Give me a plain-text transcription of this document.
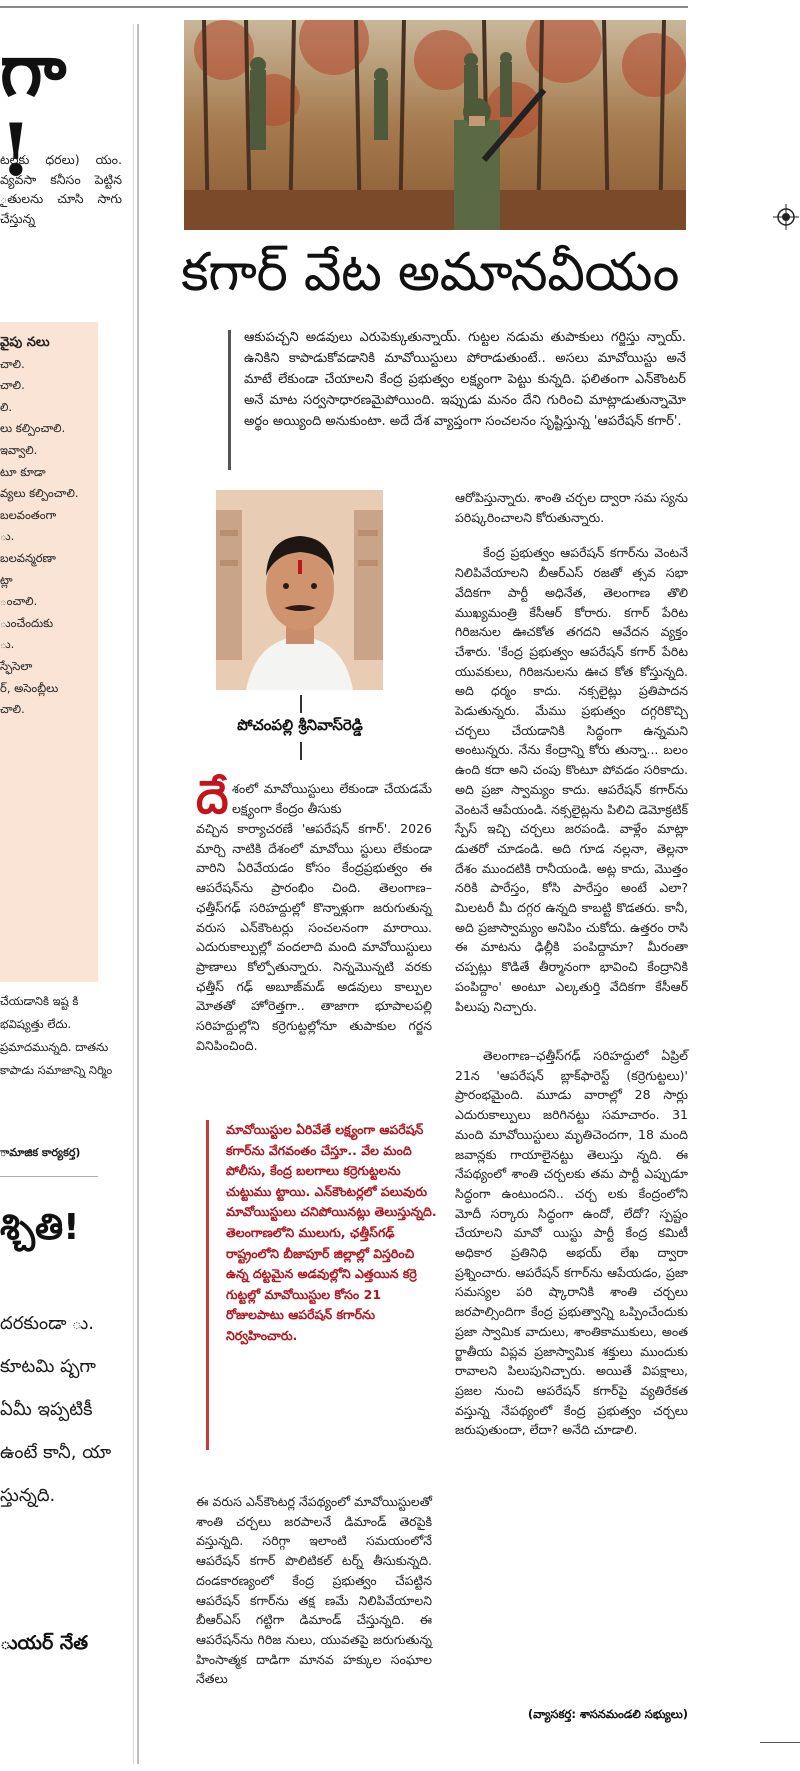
గా !
టలకు ధరలు) యం. వ్యవసా కనీసం పెట్టిన ౖతులను చూసి సాగు చేస్తున్న
వైపు నలు
చాలి.
చాలి.
లి.
లు కల్పించాలి.
ఇవ్వాలి.
టూ కూడా
వ్యలు కల్పించాలి.
బలవంతంగా
ు.
బలవన్మరణా
ట్లా
ంచాలి.
ుంచేందుకు
ు.
స్ఫేసెలా
ర్, అసెంబ్లీలు
చాలి.
చేయడానికి ఇష్ట కి భవిష్యత్తు లేదు. ప్రమాదమున్నది. దాతను కాపాడు సమాజాన్ని నిర్మిం
ామాజిక కార్యకర్త)
శ్చితి!
దరకుండా ు. కూటమి ష్పగా ఏమీ ఇప్పటికీ ఉంటే కానీ, యా స్తున్నది.
ుయర్ నేత
కగార్ వేట అమానవీయం
ఆకుపచ్చని అడవులు ఎరుపెక్కుతున్నాయ్. గుట్టల నడుమ తుపాకులు గర్జిస్తు న్నాయ్. ఉనికిని కాపాడుకోవడానికి మావోయిస్టులు పోరాడుతుంటే.. అసలు మావోయిస్టు అనే మాటే లేకుండా చేయాలని కేంద్ర ప్రభుత్వం లక్ష్యంగా పెట్టు కున్నది. ఫలితంగా ఎన్‌కౌంటర్ అనే మాట సర్వసాధారణమైపోయింది. ఇప్పుడు మనం దేని గురించి మాట్లాడుతున్నామో అర్థం అయ్యింది అనుకుంటా. అదే దేశ వ్యాప్తంగా సంచలనం సృష్టిస్తున్న 'ఆపరేషన్ కగార్'.
పోచంపల్లి శ్రీనివాస్‌రెడ్డి
దే శంలో మావోయిస్టులు లేకుండా చేయడమే లక్ష్యంగా కేంద్రం తీసుకు
వచ్చిన కార్యాచరణే 'ఆపరేషన్ కగార్'. 2026 మార్చి నాటికి దేశంలో మావోయి స్టులు లేకుండా వారిని ఏరివేయడం కోసం కేంద్రప్రభుత్వం ఈ ఆపరేషన్‌ను ప్రారంభిం చింది. తెలంగాణ– ఛత్తీస్‌గఢ్ సరిహద్దుల్లో కొన్నాళ్లుగా జరుగుతున్న వరుస ఎన్‌కౌంటర్లు సంచలనంగా మారాయి. ఎదురుకాల్పుల్లో వందలాది మంది మావోయిస్టులు ప్రాణాలు కోల్పోతున్నారు. నిన్నమొన్నటి వరకు ఛత్తీస్ గఢ్ అబూజ్‌మడ్ అడవులు కాల్పుల మోతతో హోరెత్తగా.. తాజాగా భూపాలపల్లి సరిహద్దుల్లోని కర్రెగుట్టల్లోనూ తుపాకుల గర్జన వినిపించింది.
మావోయిస్టుల ఏరివేతే లక్ష్యంగా ఆపరేషన్ కగార్‌ను వేగవంతం చేస్తూ.. వేల మంది పోలీసు, కేంద్ర బలగాలు కర్రెగుట్టలను చుట్టుము ట్టాయి. ఎన్‌కౌంటర్లలో పలువురు మావోయిస్టులు చనిపోయినట్లు తెలుస్తున్నది. తెలంగాణలోని ములుగు, ఛత్తీస్‌గఢ్ రాష్ట్రంలోని బీజాపూర్ జిల్లాల్లో విస్తరించి ఉన్న దట్టమైన అడవుల్లోని ఎత్తయిన కర్రె గుట్టల్లో మావోయిస్టుల కోసం 21 రోజులపాటు ఆపరేషన్ కగార్‌ను నిర్వహించారు.
ఈ వరుస ఎన్‌కౌంటర్ల నేపథ్యంలో మావోయిస్టులతో శాంతి చర్చలు జరపాలనే డిమాండ్ తెరపైకి వస్తున్నది. సరిగ్గా ఇలాంటి సమయంలోనే ఆపరేషన్ కగార్ పొలిటికల్ టర్న్ తీసుకున్నది. దండకారణ్యంలో కేంద్ర ప్రభుత్వం చేపట్టిన ఆపరేషన్ కగార్‌ను తక్ష ణమే నిలిపివేయాలని బీఆర్‌ఎస్ గట్టిగా డిమాండ్ చేస్తున్నది. ఈ ఆపరేషన్‌ను గిరిజ నులు, యువతపై జరుగుతున్న హింసాత్మక దాడిగా మానవ హక్కుల సంఘాల నేతలు
ఆరోపిస్తున్నారు. శాంతి చర్చల ద్వారా సమ స్యను పరిష్కరించాలని కోరుతున్నారు.
కేంద్ర ప్రభుత్వం ఆపరేషన్ కగార్‌ను వెంటనే నిలిపివేయాలని బీఆర్‌ఎస్ రజతో త్సవ సభా వేదికగా పార్టీ అధినేత, తెలంగాణ తొలి ముఖ్యమంత్రి కేసీఆర్ కోరారు. కగార్ పేరిట గిరిజనుల ఊచకోత తగదని ఆవేదన వ్యక్తం చేశారు. 'కేంద్ర ప్రభుత్వం ఆపరేషన్ కగార్ పేరిట యువకులు, గిరిజనులను ఊచ కోత కోస్తున్నది. అది ధర్మం కాదు. నక్సలైట్లు ప్రతిపాదన పెడుతున్నరు. మేము ప్రభుత్వం దగ్గరికొచ్చి చర్చలు చేయడానికి సిద్ధంగా ఉన్నమని అంటున్నరు. నేను కేంద్రాన్ని కోరు తున్నా... బలం ఉంది కదా అని చంపు కొంటూ పోవడం సరికాదు. అది ప్రజా స్వామ్యం కాదు. ఆపరేషన్ కగార్‌ను వెంటనే ఆపేయండి. నక్సలైట్లను పిలిచి డెమోక్రటిక్ స్పేస్ ఇచ్చి చర్చలు జరపండి. వాళ్లేం మాట్లా డుతరో చూడండి. అది గూడ నల్లనా, తెల్లనా దేశం ముందటికి రానీయండి. అట్ల కాదు, మొత్తం నరికి పారేస్తం, కోసి పారేస్తం అంటే ఎలా? మిలటరీ మీ దగ్గర ఉన్నది కాబట్టి కొడతరు. కానీ, అది ప్రజాస్వామ్యం అనిపిం చుకోదు. ఉత్తరం రాసి ఈ మాటను ఢిల్లీకి పంపిద్దామా? మీరంతా చప్పట్లు కొడితే తీర్మానంగా భావించి కేంద్రానికి పంపిద్దాం' అంటూ ఎల్కతుర్తి వేదికగా కేసీఆర్ పిలుపు నిచ్చారు.
తెలంగాణ–ఛత్తీస్‌గఢ్ సరిహద్దులో ఏప్రిల్ 21న 'ఆపరేషన్ బ్లాక్‌ఫారెస్ట్ (కర్రెగుట్టలు)' ప్రారంభమైంది. మూడు వారాల్లో 28 సార్లు ఎదురుకాల్పులు జరిగినట్టు సమాచారం. 31 మంది మావోయిస్టులు మృతిచెందగా, 18 మంది జవాన్లకు గాయాలైనట్టు తెలుస్తు న్నది. ఈ నేపథ్యంలో శాంతి చర్చలకు తమ పార్టీ ఎప్పుడూ సిద్ధంగా ఉంటుందని.. చర్చ లకు కేంద్రంలోని మోదీ సర్కారు సిద్ధంగా ఉందో, లేదో? స్పష్టం చేయాలని మావో యిస్టు పార్టీ కేంద్ర కమిటీ అధికార ప్రతినిధి అభయ్ లేఖ ద్వారా ప్రశ్నించారు. ఆపరేషన్ కగార్‌ను ఆపేయడం, ప్రజా సమస్యల పరి ష్కారానికి శాంతి చర్చలు జరపాల్సిందిగా కేంద్ర ప్రభుత్వాన్ని ఒప్పించేందుకు ప్రజా స్వామిక వాదులు, శాంతికాముకులు, అంత ర్జాతీయ విప్లవ ప్రజాస్వామిక శక్తులు ముందుకు రావాలని పిలుపునిచ్చారు. అయితే విపక్షాలు, ప్రజల నుంచి ఆపరేషన్ కగార్‌పై వ్యతిరేకత వస్తున్న నేపథ్యంలో కేంద్ర ప్రభుత్వం చర్చలు జరుపుతుందా, లేదా? అనేది చూడాలి.
(వ్యాసకర్త: శాసనమండలి సభ్యులు)
